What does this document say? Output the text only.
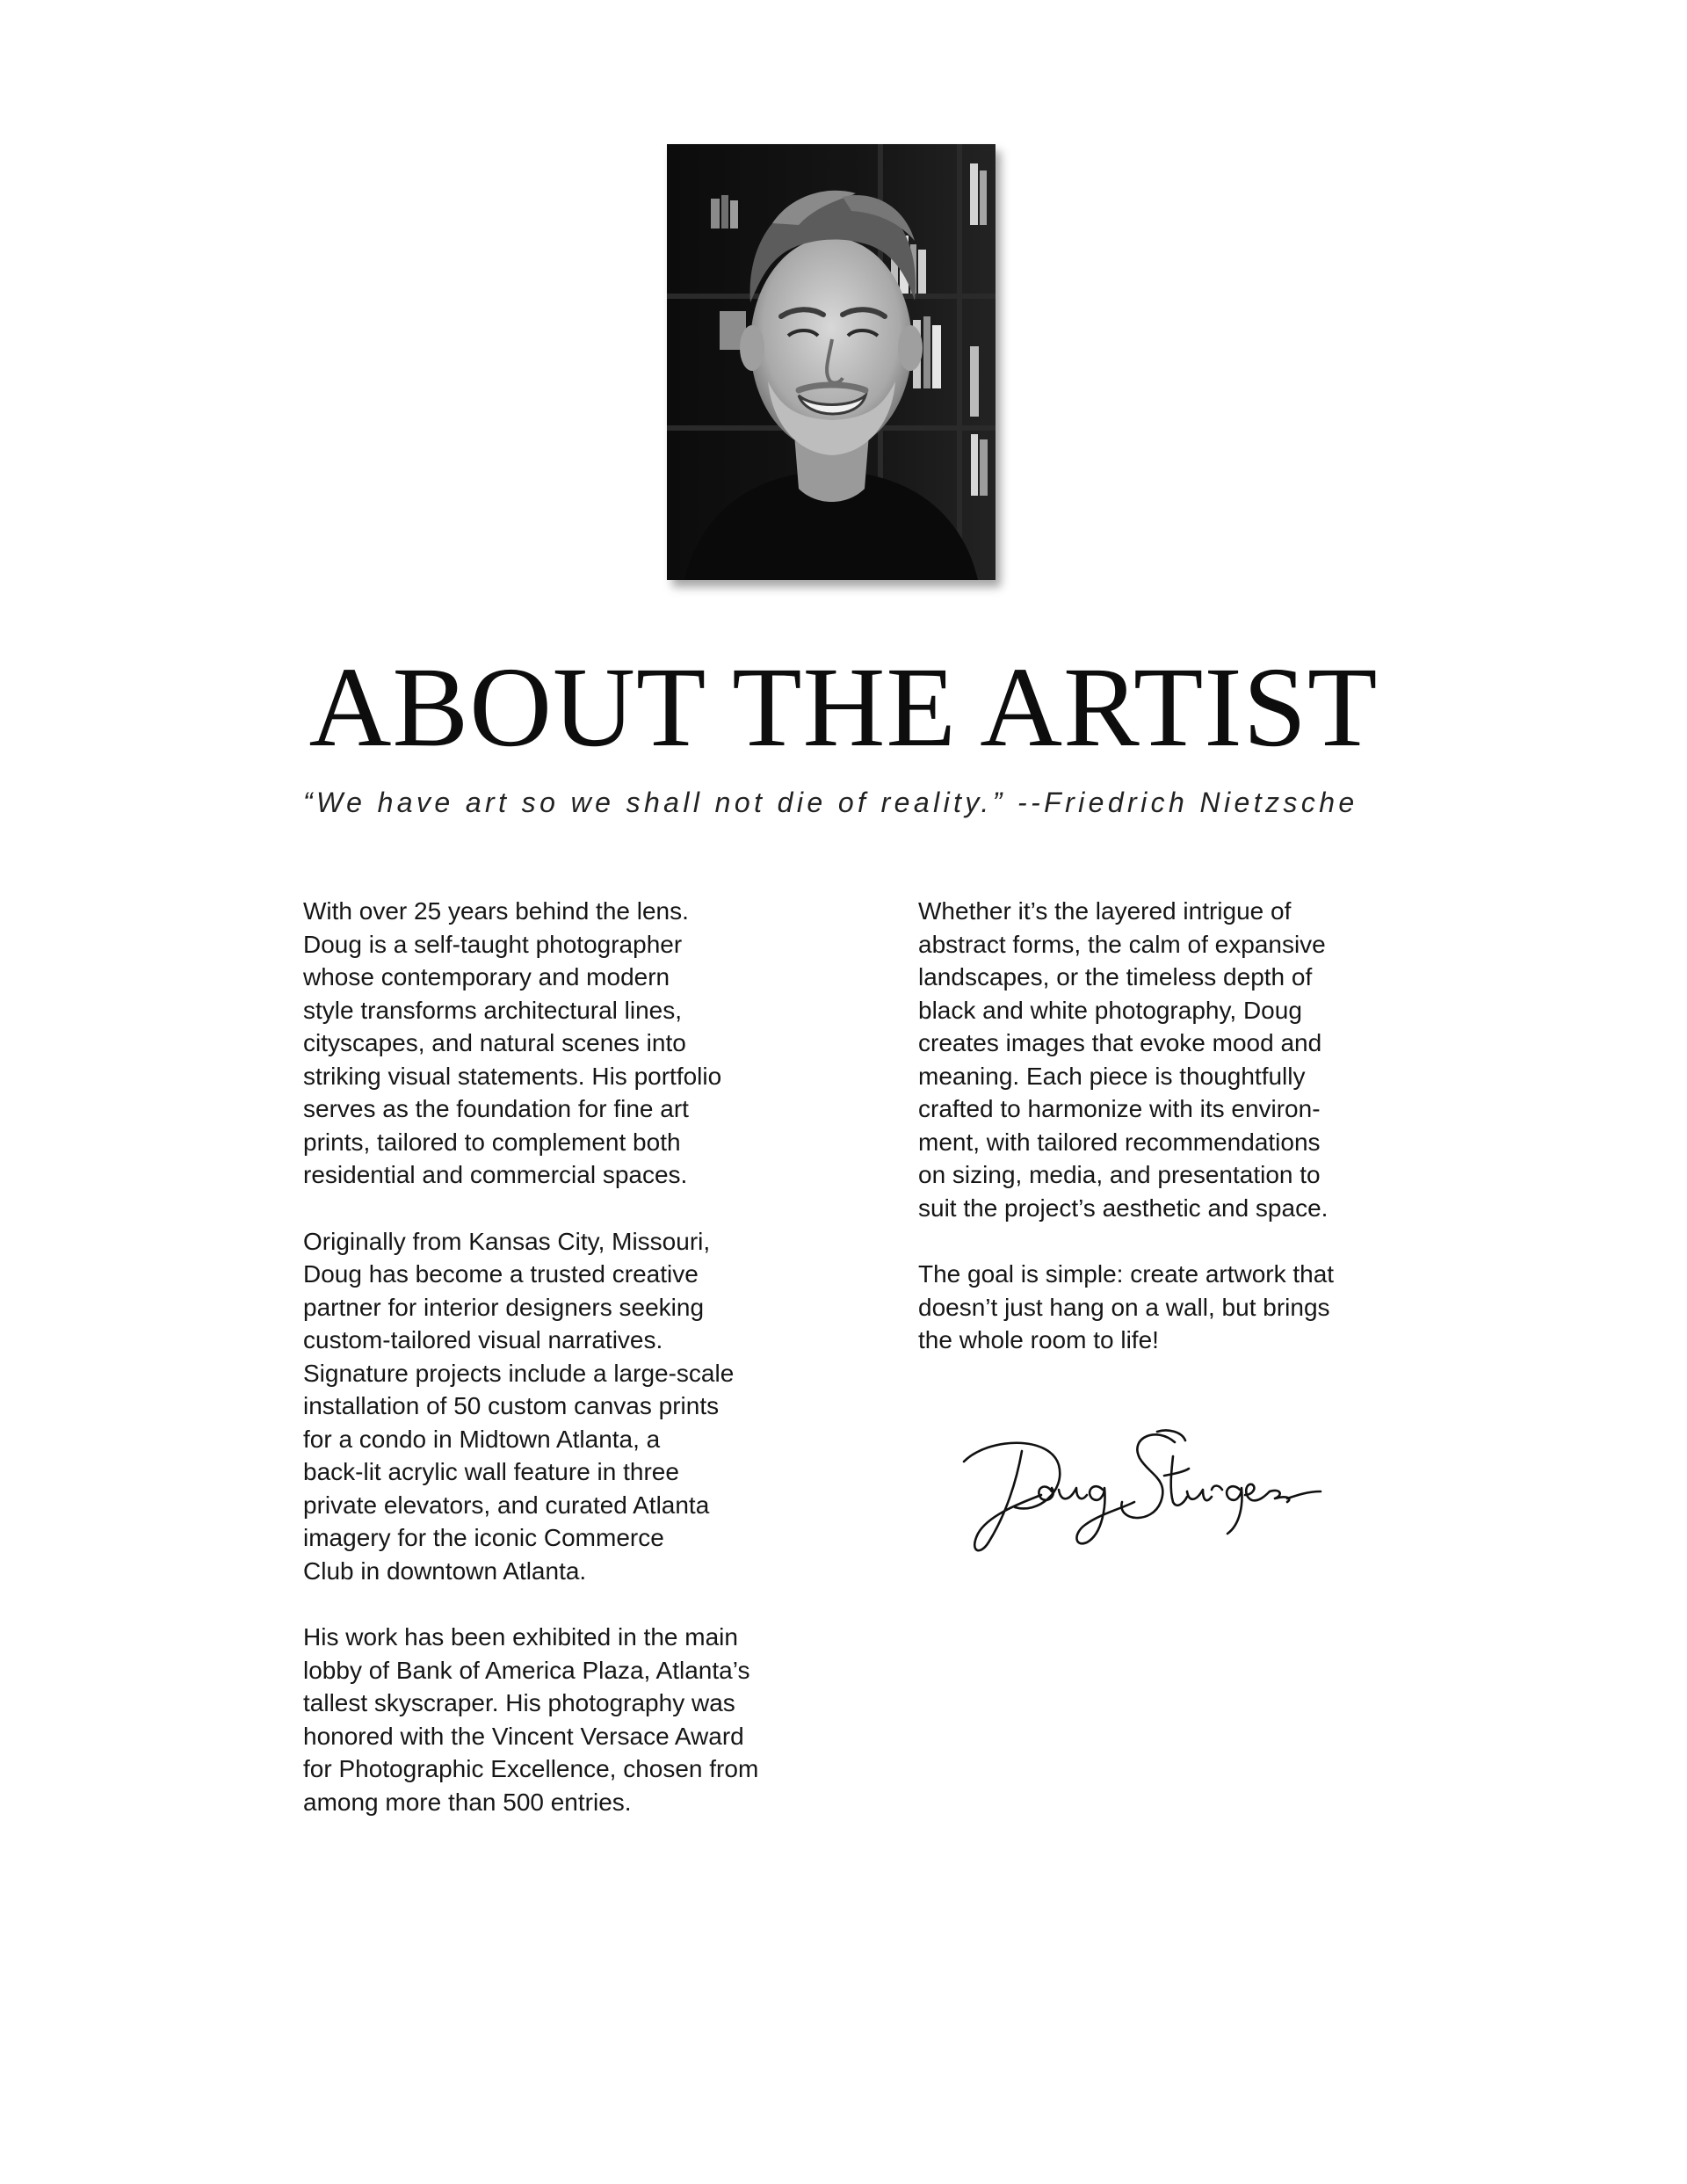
ABOUT THE ARTIST
“We have art so we shall not die of reality.” --Friedrich Nietzsche

With over 25 years behind the lens.
Doug is a self-taught photographer
whose contemporary and modern
style transforms architectural lines,
cityscapes, and natural scenes into
striking visual statements. His portfolio
serves as the foundation for fine art
prints, tailored to complement both
residential and commercial spaces.

Originally from Kansas City, Missouri,
Doug has become a trusted creative
partner for interior designers seeking
custom-tailored visual narratives.
Signature projects include a large-scale
installation of 50 custom canvas prints
for a condo in Midtown Atlanta, a
back-lit acrylic wall feature in three
private elevators, and curated Atlanta
imagery for the iconic Commerce
Club in downtown Atlanta.

His work has been exhibited in the main
lobby of Bank of America Plaza, Atlanta’s
tallest skyscraper. His photography was
honored with the Vincent Versace Award
for Photographic Excellence, chosen from
among more than 500 entries.

Whether it’s the layered intrigue of
abstract forms, the calm of expansive
landscapes, or the timeless depth of
black and white photography, Doug
creates images that evoke mood and
meaning. Each piece is thoughtfully
crafted to harmonize with its environ-
ment, with tailored recommendations
on sizing, media, and presentation to
suit the project’s aesthetic and space.

The goal is simple: create artwork that
doesn’t just hang on a wall, but brings
the whole room to life!
